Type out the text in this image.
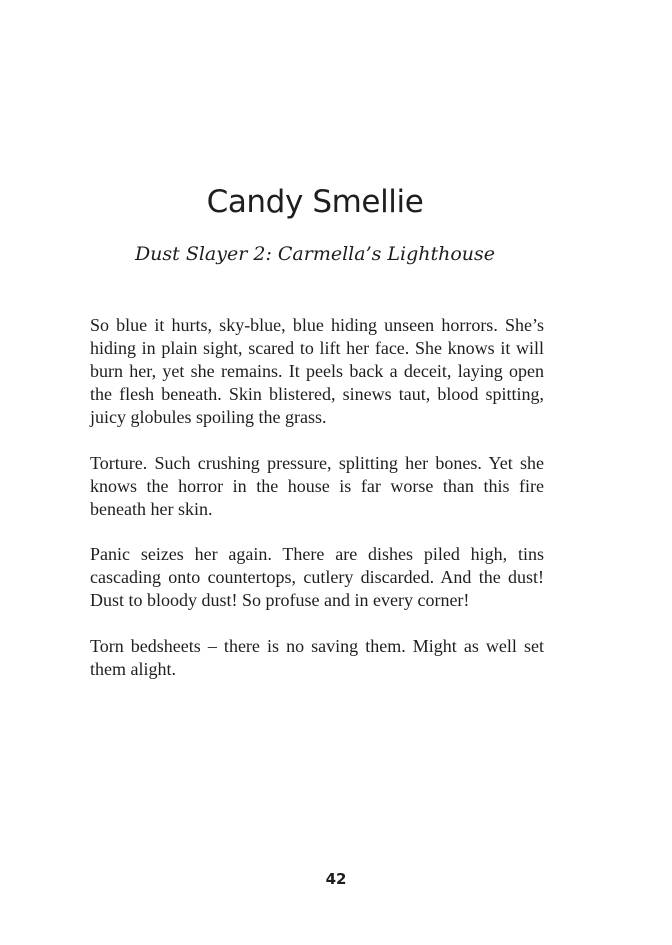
Candy Smellie
Dust Slayer 2: Carmella’s Lighthouse

So blue it hurts, sky-blue, blue hiding unseen horrors. She’s hiding in plain sight, scared to lift her face. She knows it will burn her, yet she remains. It peels back a deceit, laying open the flesh beneath. Skin blistered, sinews taut, blood spitting, juicy globules spoiling the grass.

Torture. Such crushing pressure, splitting her bones. Yet she knows the horror in the house is far worse than this fire beneath her skin.

Panic seizes her again. There are dishes piled high, tins cascading onto countertops, cutlery discarded. And the dust! Dust to bloody dust! So profuse and in every corner!

Torn bedsheets – there is no saving them. Might as well set them alight.

42
